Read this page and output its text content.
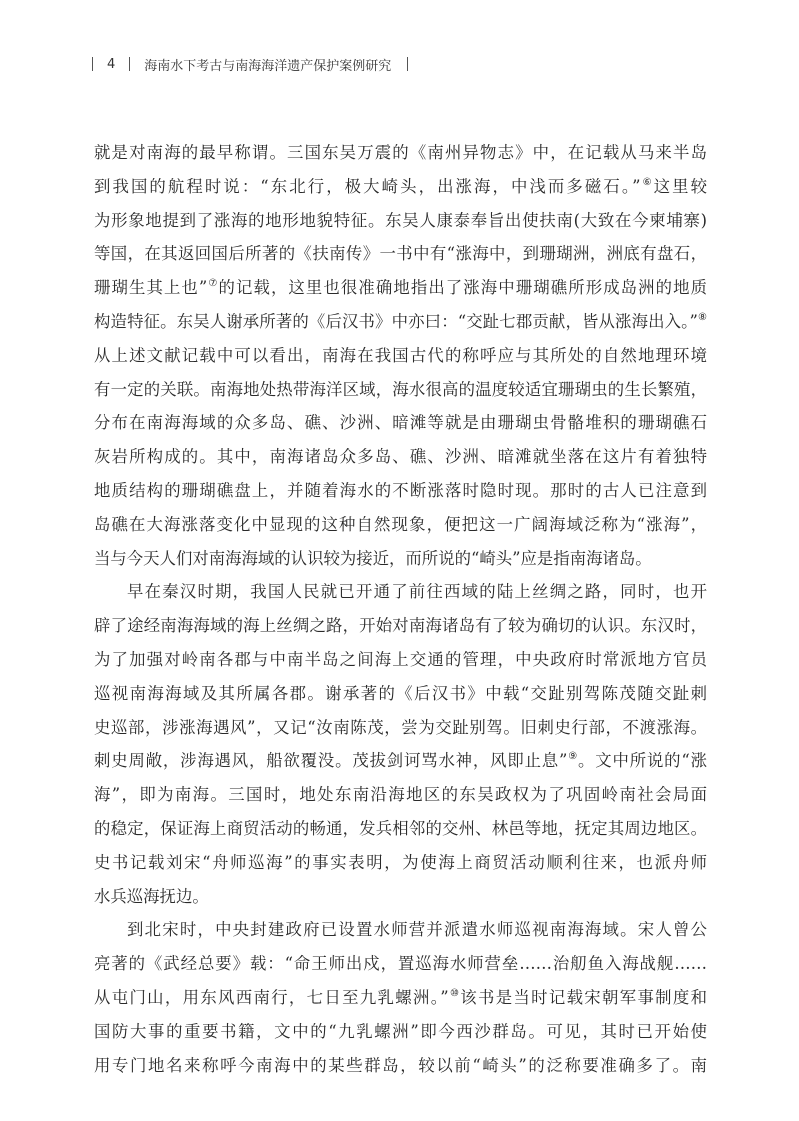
4 海南水下考古与南海海洋遗产保护案例研究
就是对南海的最早称谓。三国东吴万震的《南州异物志》中，在记载从马来半岛
到我国的航程时说：“东北行，极大崎头，出涨海，中浅而多磁石。”⑥这里较
为形象地提到了涨海的地形地貌特征。东吴人康泰奉旨出使扶南(大致在今柬埔寨)
等国，在其返回国后所著的《扶南传》一书中有“涨海中，到珊瑚洲，洲底有盘石，
珊瑚生其上也”⑦的记载，这里也很准确地指出了涨海中珊瑚礁所形成岛洲的地质
构造特征。东吴人谢承所著的《后汉书》中亦曰：“交趾七郡贡献，皆从涨海出入。”⑧
从上述文献记载中可以看出，南海在我国古代的称呼应与其所处的自然地理环境
有一定的关联。南海地处热带海洋区域，海水很高的温度较适宜珊瑚虫的生长繁殖，
分布在南海海域的众多岛、礁、沙洲、暗滩等就是由珊瑚虫骨骼堆积的珊瑚礁石
灰岩所构成的。其中，南海诸岛众多岛、礁、沙洲、暗滩就坐落在这片有着独特
地质结构的珊瑚礁盘上，并随着海水的不断涨落时隐时现。那时的古人已注意到
岛礁在大海涨落变化中显现的这种自然现象，便把这一广阔海域泛称为“涨海”，
当与今天人们对南海海域的认识较为接近，而所说的“崎头”应是指南海诸岛。
早在秦汉时期，我国人民就已开通了前往西域的陆上丝绸之路，同时，也开
辟了途经南海海域的海上丝绸之路，开始对南海诸岛有了较为确切的认识。东汉时，
为了加强对岭南各郡与中南半岛之间海上交通的管理，中央政府时常派地方官员
巡视南海海域及其所属各郡。谢承著的《后汉书》中载“交趾别驾陈茂随交趾刺
史巡部，涉涨海遇风”，又记“汝南陈茂，尝为交趾别驾。旧刺史行部，不渡涨海。
刺史周敞，涉海遇风，船欲覆没。茂拔剑诃骂水神，风即止息”⑨。文中所说的“涨
海”，即为南海。三国时，地处东南沿海地区的东吴政权为了巩固岭南社会局面
的稳定，保证海上商贸活动的畅通，发兵相邻的交州、林邑等地，抚定其周边地区。
史书记载刘宋“舟师巡海”的事实表明，为使海上商贸活动顺利往来，也派舟师
水兵巡海抚边。
到北宋时，中央封建政府已设置水师营并派遣水师巡视南海海域。宋人曾公
亮著的《武经总要》载：“命王师出戍，置巡海水师营垒……治舠鱼入海战舰……
从屯门山，用东风西南行，七日至九乳螺洲。”⑩该书是当时记载宋朝军事制度和
国防大事的重要书籍，文中的“九乳螺洲”即今西沙群岛。可见，其时已开始使
用专门地名来称呼今南海中的某些群岛，较以前“崎头”的泛称要准确多了。南
